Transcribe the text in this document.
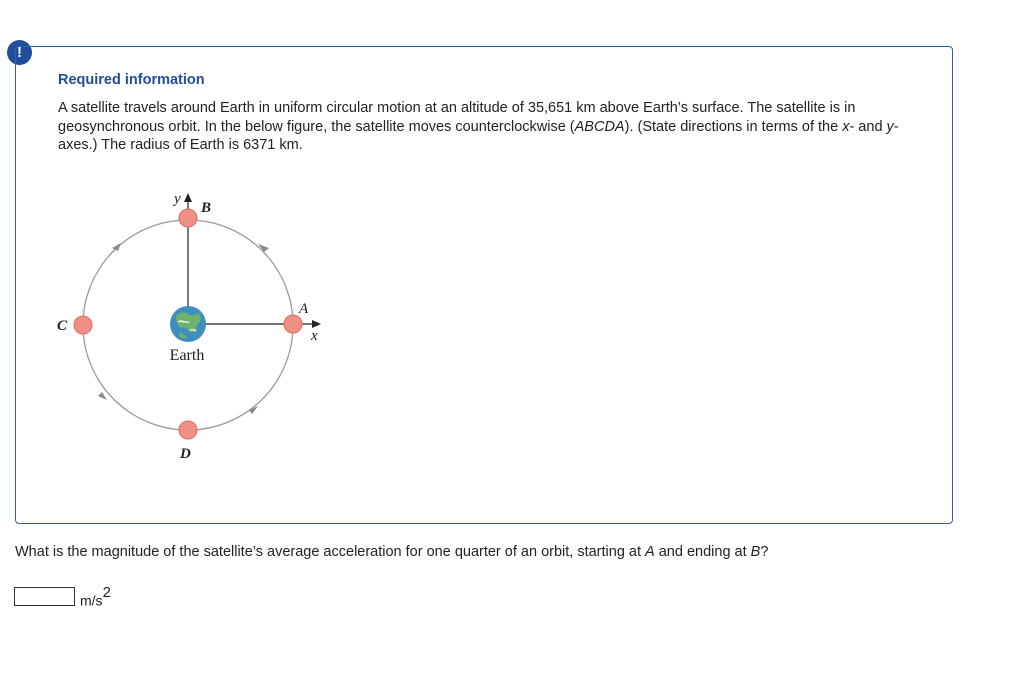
!
Required information
A satellite travels around Earth in uniform circular motion at an altitude of 35,651 km above Earth’s surface. The satellite is in geosynchronous orbit. In the below figure, the satellite moves counterclockwise (ABCDA). (State directions in terms of the x- and y-axes.) The radius of Earth is 6371 km.
y
x
Earth
B
A
C
D
What is the magnitude of the satellite’s average acceleration for one quarter of an orbit, starting at A and ending at B?
$m/s^2$
